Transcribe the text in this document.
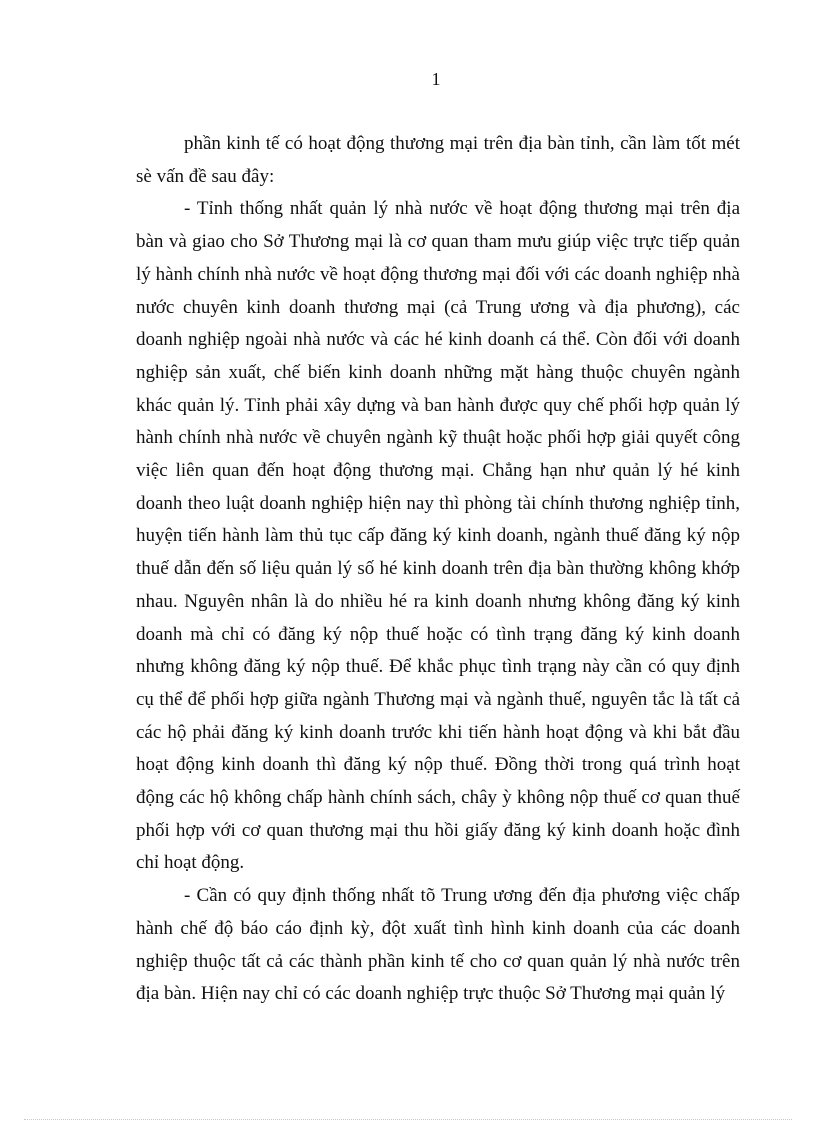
1

phần kinh tế có hoạt động thương mại trên địa bàn tỉnh, cần làm tốt mét sè vấn đề sau đây:

- Tỉnh thống nhất quản lý nhà nước về hoạt động thương mại trên địa bàn và giao cho Sở Thương mại là cơ quan tham mưu giúp việc trực tiếp quản lý hành chính nhà nước về hoạt động thương mại đối với các doanh nghiệp nhà nước chuyên kinh doanh thương mại (cả Trung ương và địa phương), các doanh nghiệp ngoài nhà nước và các hé kinh doanh cá thể. Còn đối với doanh nghiệp sản xuất, chế biến kinh doanh những mặt hàng thuộc chuyên ngành khác quản lý. Tỉnh phải xây dựng và ban hành được quy chế phối hợp quản lý hành chính nhà nước về chuyên ngành kỹ thuật hoặc phối hợp giải quyết công việc liên quan đến hoạt động thương mại. Chẳng hạn như quản lý hé kinh doanh theo luật doanh nghiệp hiện nay thì phòng tài chính thương nghiệp tỉnh, huyện tiến hành làm thủ tục cấp đăng ký kinh doanh, ngành thuế đăng ký nộp thuế dẫn đến số liệu quản lý số hé kinh doanh trên địa bàn thường không khớp nhau. Nguyên nhân là do nhiều hé ra kinh doanh nhưng không đăng ký kinh doanh mà chỉ có đăng ký nộp thuế hoặc có tình trạng đăng ký kinh doanh nhưng không đăng ký nộp thuế. Để khắc phục tình trạng này cần có quy định cụ thể để phối hợp giữa ngành Thương mại và ngành thuế, nguyên tắc là tất cả các hộ phải đăng ký kinh doanh trước khi tiến hành hoạt động và khi bắt đầu hoạt động kinh doanh thì đăng ký nộp thuế. Đồng thời trong quá trình hoạt động các hộ không chấp hành chính sách, chây ỳ không nộp thuế cơ quan thuế phối hợp với cơ quan thương mại thu hồi giấy đăng ký kinh doanh hoặc đình chỉ hoạt động.

- Cần có quy định thống nhất tõ Trung ương đến địa phương việc chấp hành chế độ báo cáo định kỳ, đột xuất tình hình kinh doanh của các doanh nghiệp thuộc tất cả các thành phần kinh tế cho cơ quan quản lý nhà nước trên địa bàn. Hiện nay chỉ có các doanh nghiệp trực thuộc Sở Thương mại quản lý
